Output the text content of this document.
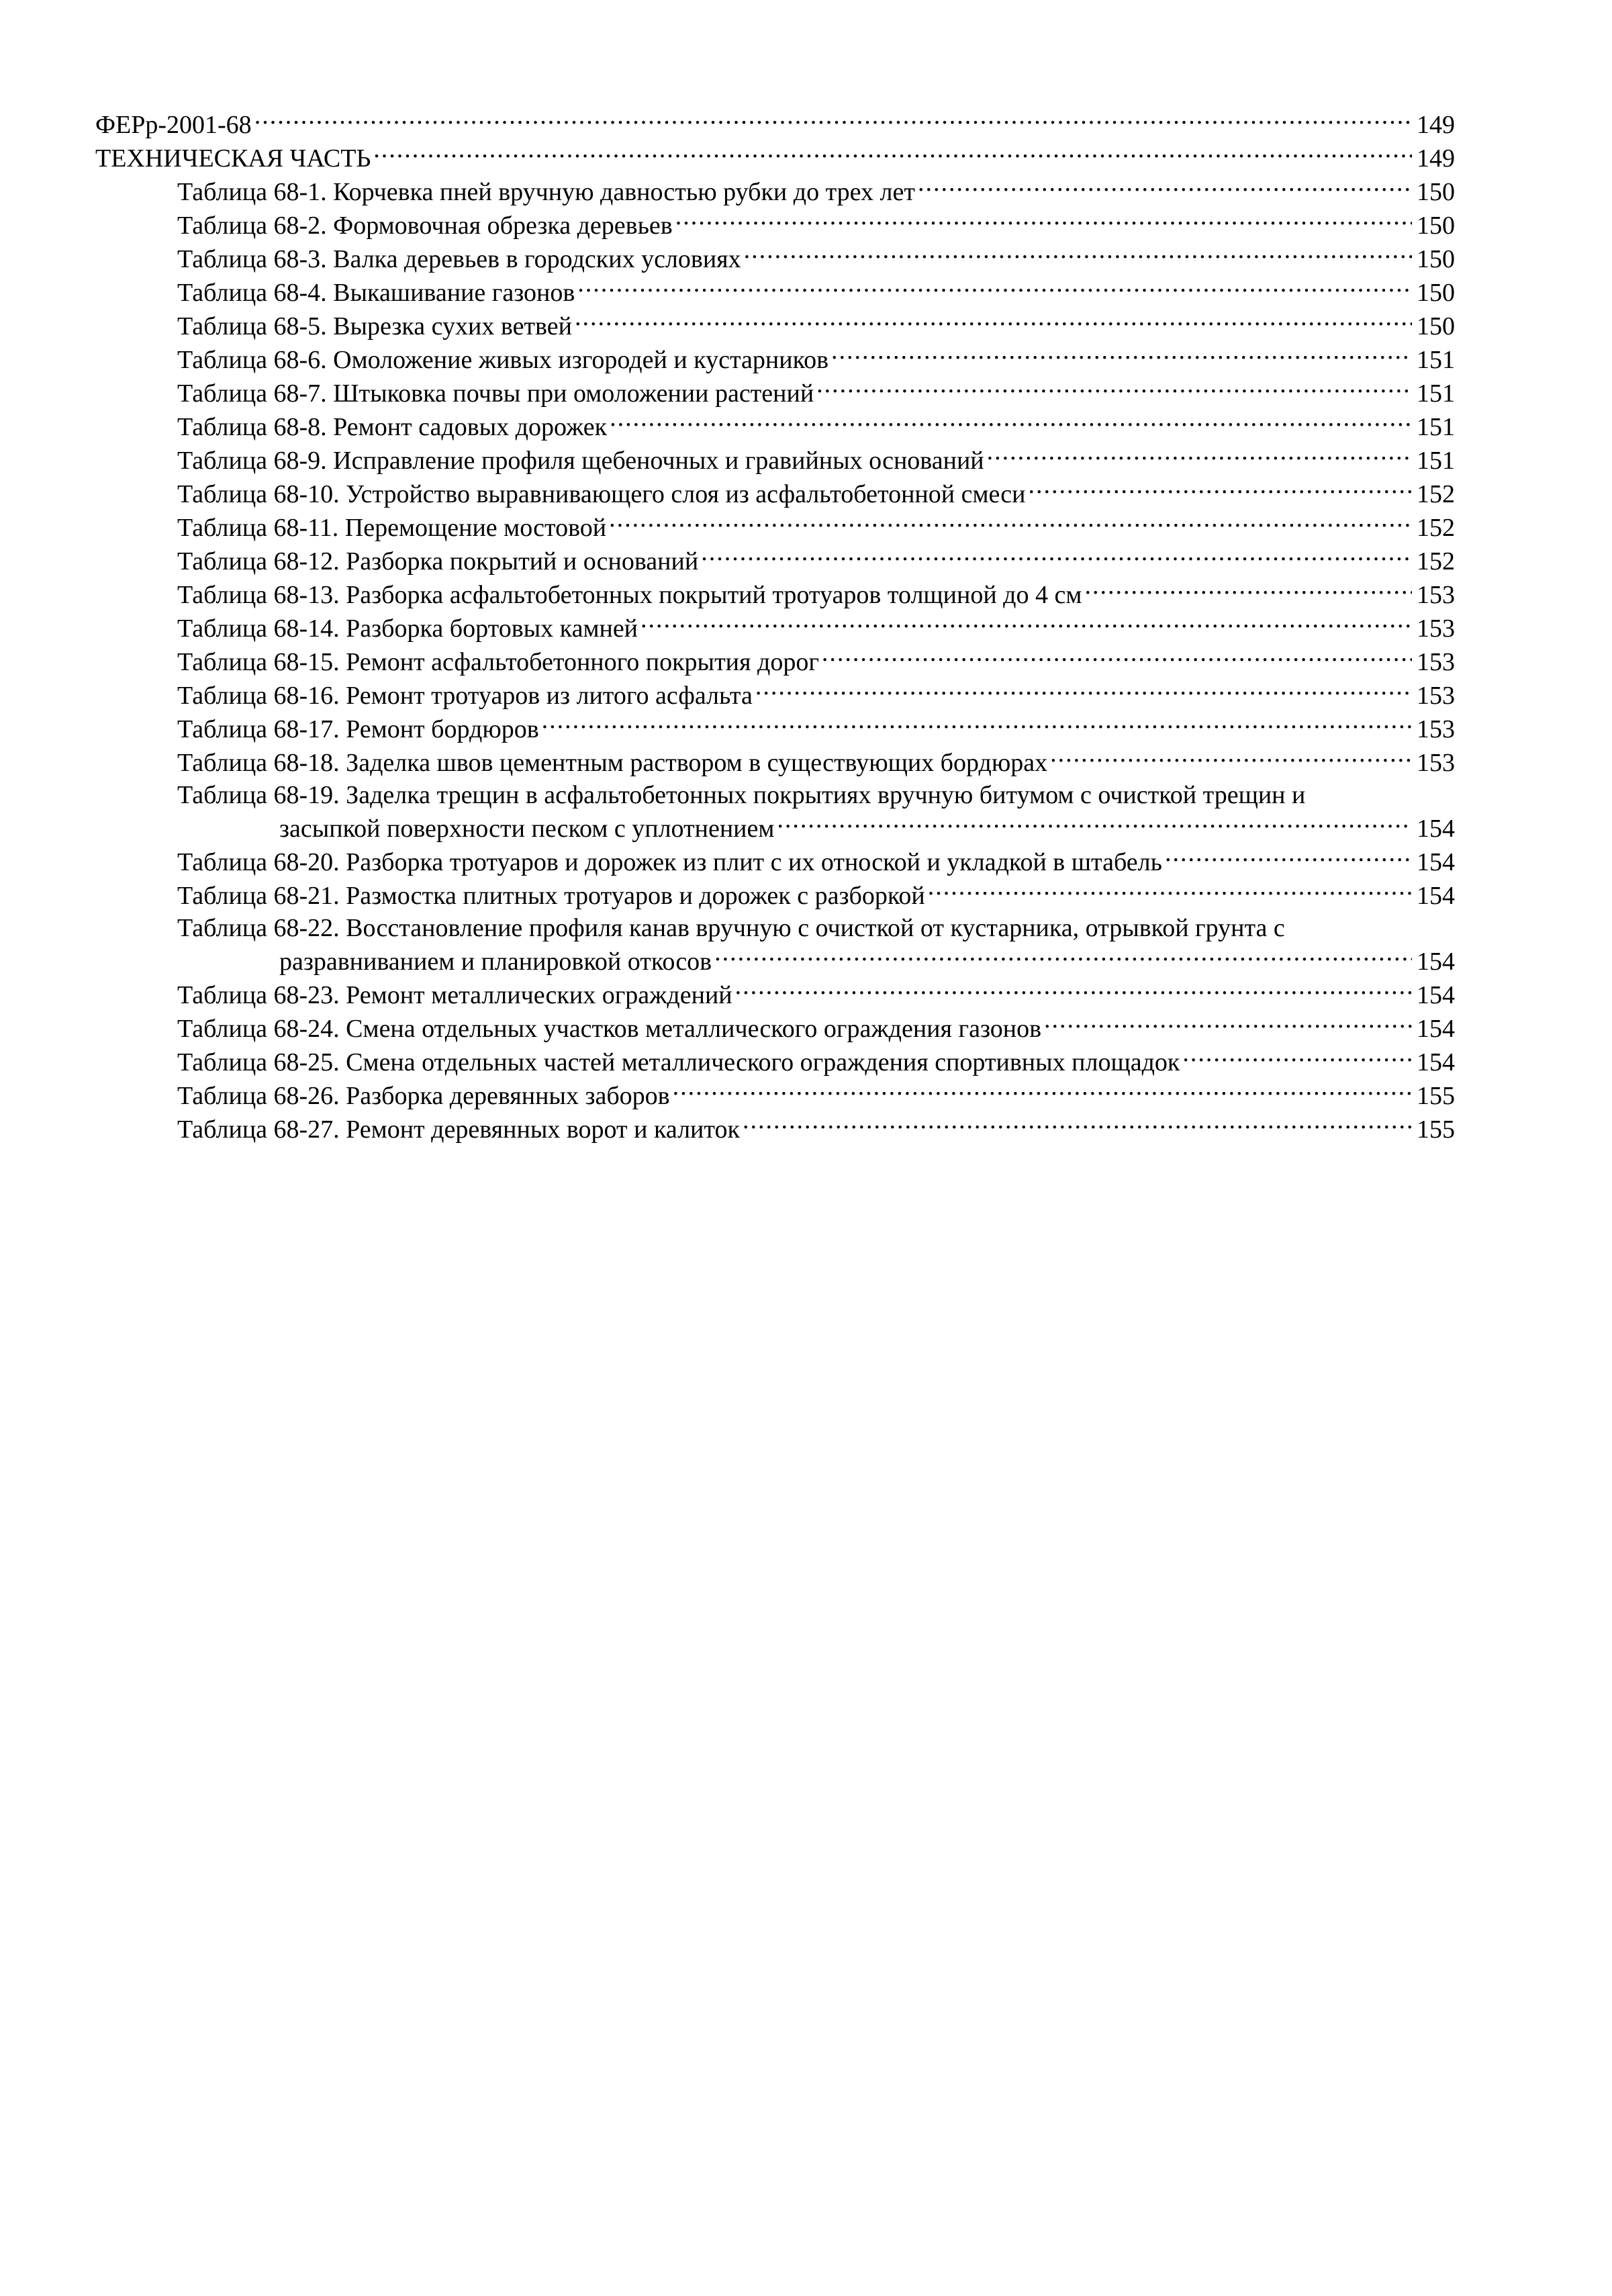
ФЕРр-2001-68 .....	149
ТЕХНИЧЕСКАЯ ЧАСТЬ .....	149
Таблица 68-1. Корчевка пней вручную давностью рубки до трех лет .....	150
Таблица 68-2. Формовочная обрезка деревьев .....	150
Таблица 68-3. Валка деревьев в городских условиях .....	150
Таблица 68-4. Выкашивание газонов .....	150
Таблица 68-5. Вырезка сухих ветвей .....	150
Таблица 68-6. Омоложение живых изгородей и кустарников .....	151
Таблица 68-7. Штыковка почвы при омоложении растений .....	151
Таблица 68-8. Ремонт садовых дорожек .....	151
Таблица 68-9. Исправление профиля щебеночных и гравийных оснований .....	151
Таблица 68-10. Устройство выравнивающего слоя из асфальтобетонной смеси .....	152
Таблица 68-11. Перемощение мостовой .....	152
Таблица 68-12. Разборка покрытий и оснований .....	152
Таблица 68-13. Разборка асфальтобетонных покрытий тротуаров толщиной до 4 см .....	153
Таблица 68-14. Разборка бортовых камней .....	153
Таблица 68-15. Ремонт асфальтобетонного покрытия дорог .....	153
Таблица 68-16. Ремонт тротуаров из литого асфальта .....	153
Таблица 68-17. Ремонт бордюров .....	153
Таблица 68-18. Заделка швов цементным раствором в существующих бордюрах .....	153
Таблица 68-19. Заделка трещин в асфальтобетонных покрытиях вручную битумом с очисткой трещин и
засыпкой поверхности песком с уплотнением .....	154
Таблица 68-20. Разборка тротуаров и дорожек из плит с их отноской и укладкой в штабель .....	154
Таблица 68-21. Размостка плитных тротуаров и дорожек с разборкой .....	154
Таблица 68-22. Восстановление профиля канав вручную с очисткой от кустарника, отрывкой грунта с
разравниванием и планировкой откосов .....	154
Таблица 68-23. Ремонт металлических ограждений .....	154
Таблица 68-24. Смена отдельных участков металлического ограждения газонов .....	154
Таблица 68-25. Смена отдельных частей металлического ограждения спортивных площадок .....	154
Таблица 68-26. Разборка деревянных заборов .....	155
Таблица 68-27. Ремонт деревянных ворот и калиток .....	155
